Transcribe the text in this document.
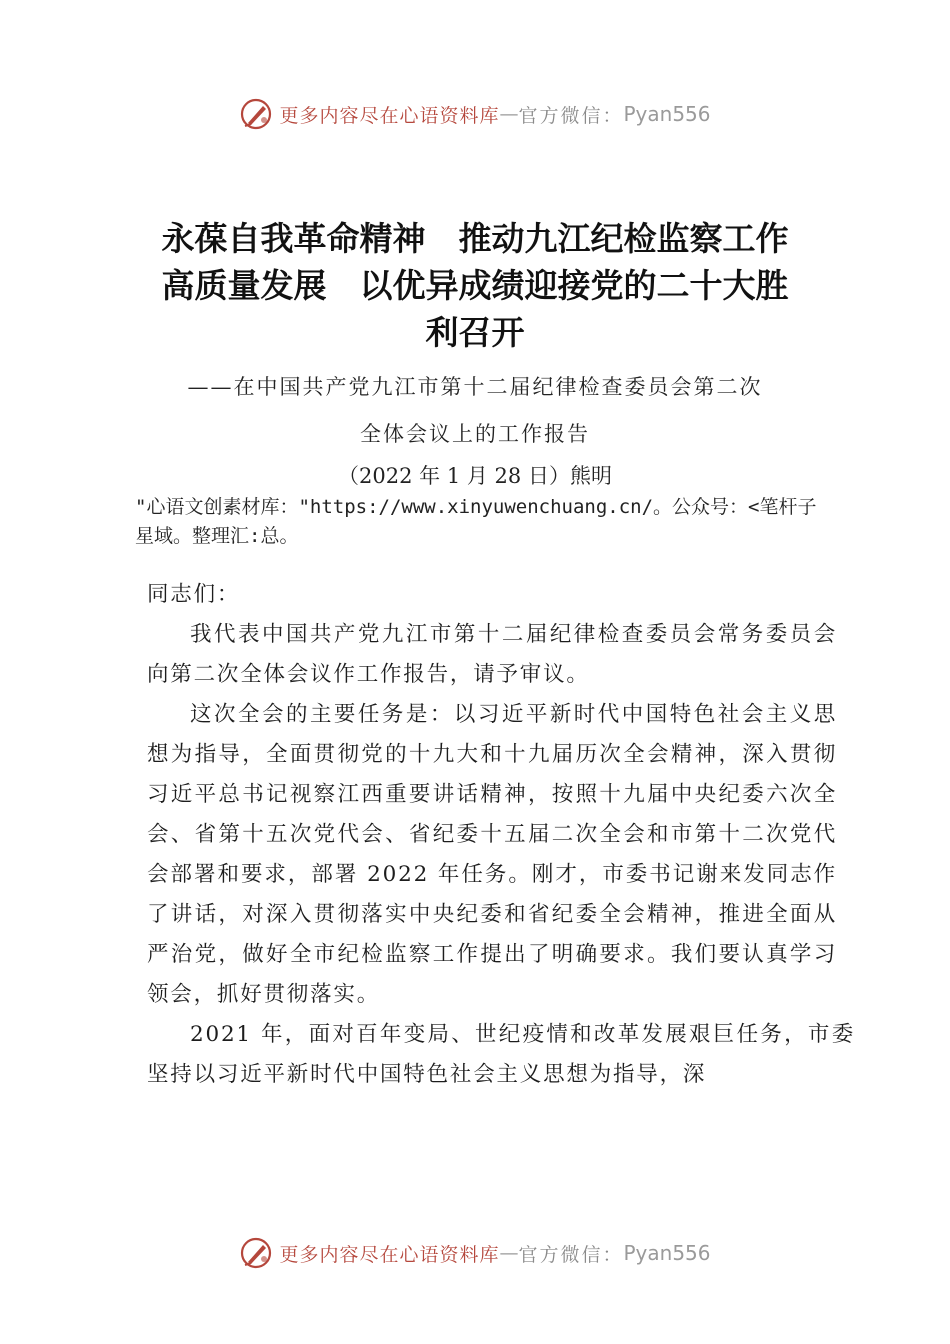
更多内容尽在心语资料库 — 官方微信： Pyan556
永葆自我革命精神　推动九江纪检监察工作
高质量发展　以优异成绩迎接党的二十大胜
利召开
——在中国共产党九江市第十二届纪律检查委员会第二次
全体会议上的工作报告
（2022 年 1 月 28 日）熊明
"心语文创素材库："https://www.xinyuwenchuang.cn/。公众号：<笔杆子星域。整理汇:总。

同志们：

我代表中国共产党九江市第十二届纪律检查委员会常务委员会向第二次全体会议作工作报告，请予审议。

这次全会的主要任务是：以习近平新时代中国特色社会主义思想为指导，全面贯彻党的十九大和十九届历次全会精神，深入贯彻习近平总书记视察江西重要讲话精神，按照十九届中央纪委六次全会、省第十五次党代会、省纪委十五届二次全会和市第十二次党代会部署和要求，部署 2022 年任务。刚才，市委书记谢来发同志作了讲话，对深入贯彻落实中央纪委和省纪委全会精神，推进全面从严治党，做好全市纪检监察工作提出了明确要求。我们要认真学习领会，抓好贯彻落实。

2021 年，面对百年变局、世纪疫情和改革发展艰巨任务，市委坚持以习近平新时代中国特色社会主义思想为指导，深

更多内容尽在心语资料库 — 官方微信： Pyan556
